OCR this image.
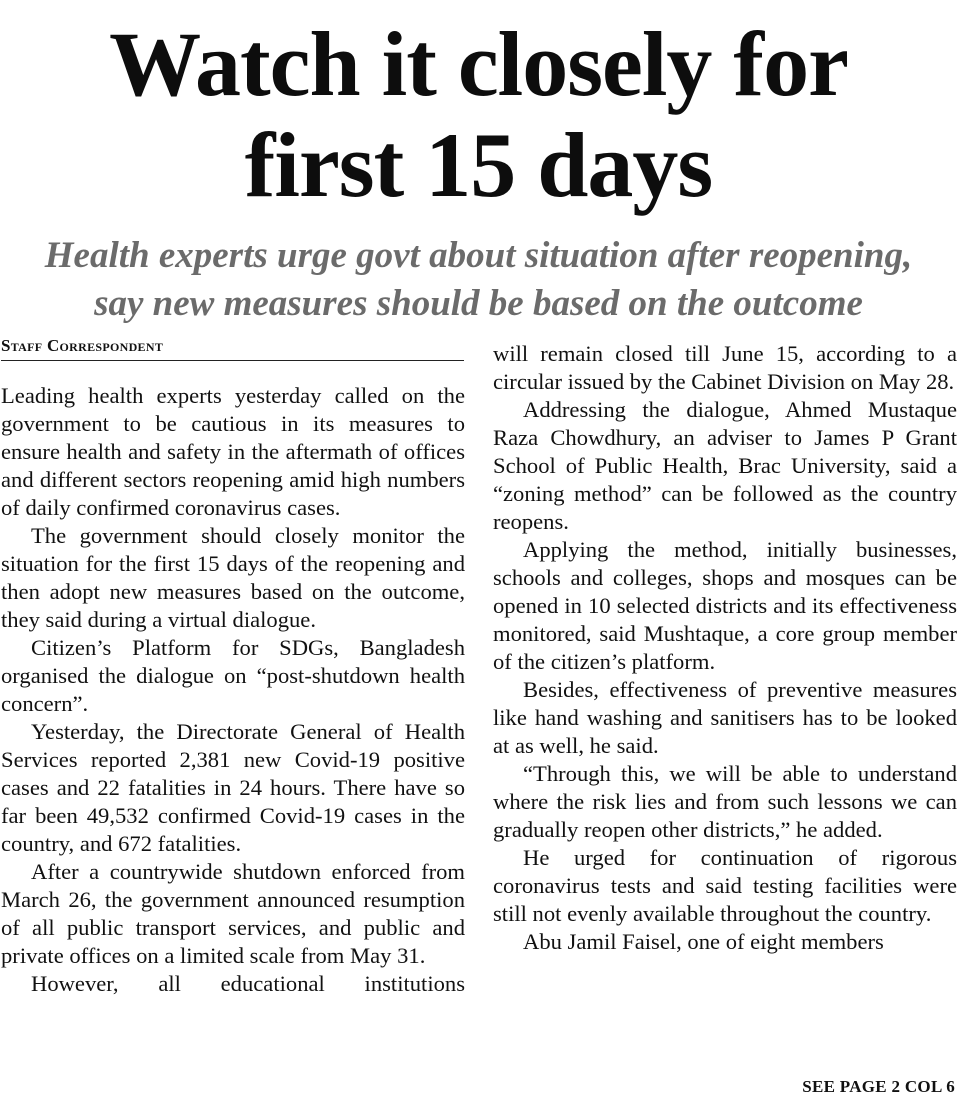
Watch it closely for
first 15 days
Health experts urge govt about situation after reopening,
say new measures should be based on the outcome
Staff Correspondent

Leading health experts yesterday called on the government to be cautious in its measures to ensure health and safety in the aftermath of offices and different sectors reopening amid high numbers of daily confirmed coronavirus cases.

The government should closely monitor the situation for the first 15 days of the reopening and then adopt new measures based on the outcome, they said during a virtual dialogue.

Citizen’s Platform for SDGs, Bangladesh organised the dialogue on “post-shutdown health concern”.

Yesterday, the Directorate General of Health Services reported 2,381 new Covid-19 positive cases and 22 fatalities in 24 hours. There have so far been 49,532 confirmed Covid-19 cases in the country, and 672 fatalities.

After a countrywide shutdown enforced from March 26, the government announced resumption of all public transport services, and public and private offices on a limited scale from May 31.

However, all educational institutions

will remain closed till June 15, according to a circular issued by the Cabinet Division on May 28.

Addressing the dialogue, Ahmed Mustaque Raza Chowdhury, an adviser to James P Grant School of Public Health, Brac University, said a “zoning method” can be followed as the country reopens.

Applying the method, initially businesses, schools and colleges, shops and mosques can be opened in 10 selected districts and its effectiveness monitored, said Mushtaque, a core group member of the citizen’s platform.

Besides, effectiveness of preventive measures like hand washing and sanitisers has to be looked at as well, he said.

“Through this, we will be able to understand where the risk lies and from such lessons we can gradually reopen other districts,” he added.

He urged for continuation of rigorous coronavirus tests and said testing facilities were still not evenly available throughout the country.

Abu Jamil Faisel, one of eight members

SEE PAGE 2 COL 6
